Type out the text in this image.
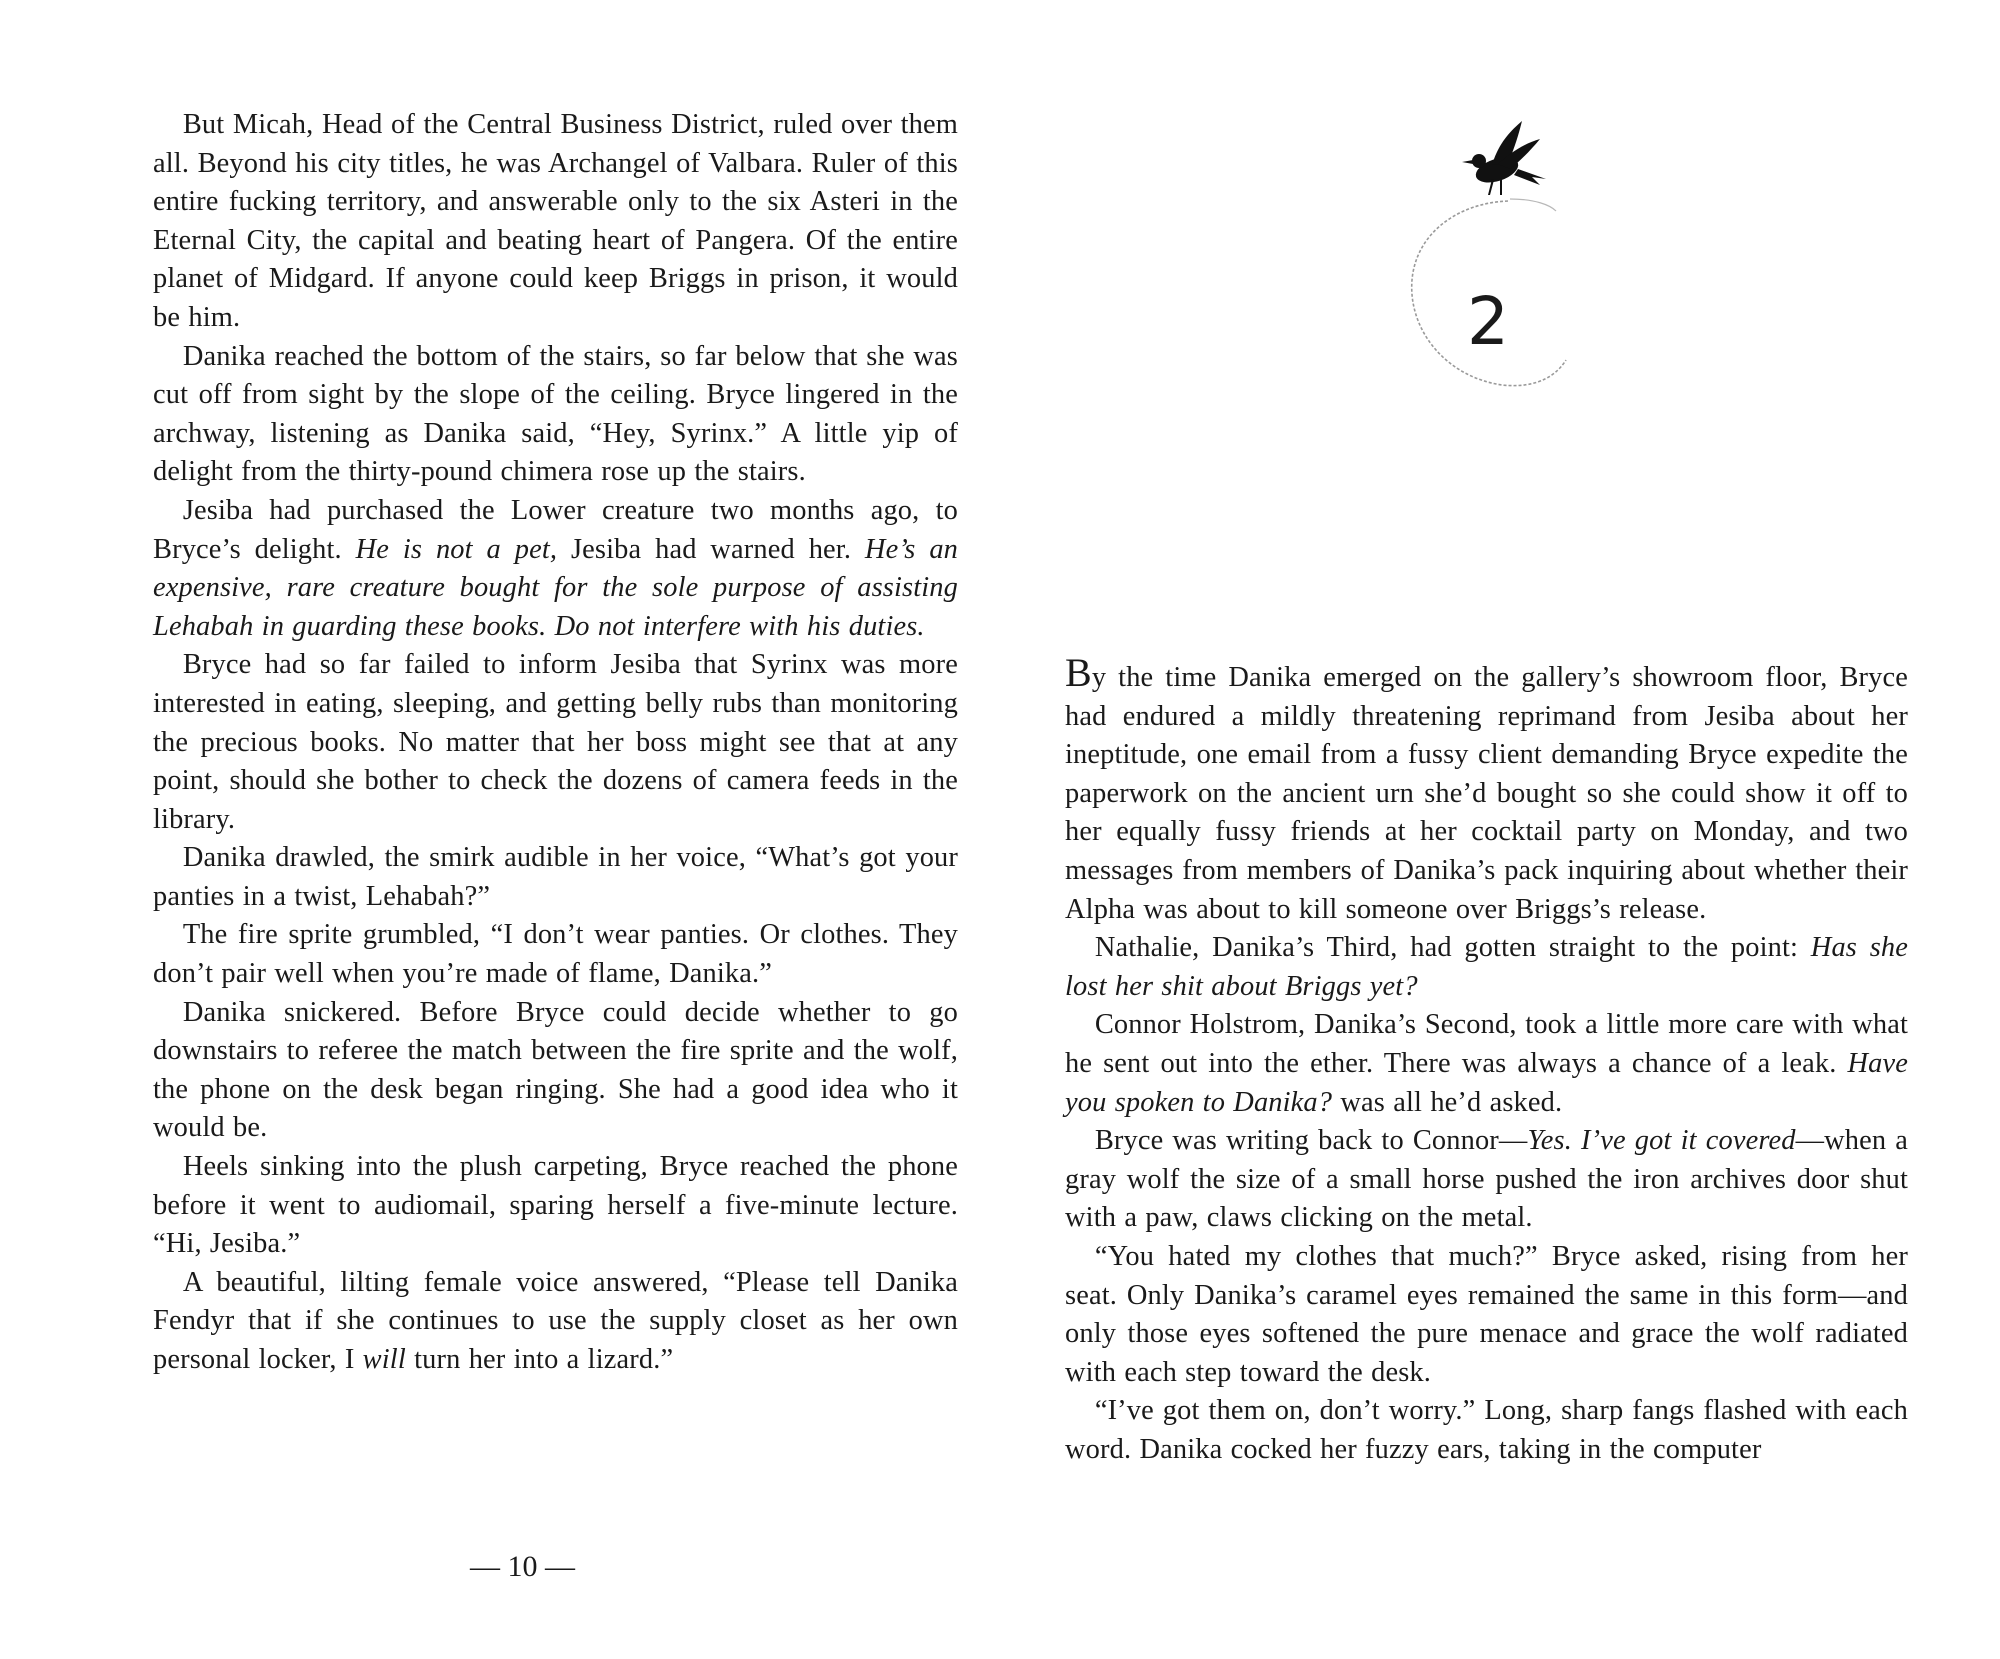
But Micah, Head of the Central Business District, ruled over them all. Beyond his city titles, he was Archangel of Valbara. Ruler of this entire fucking territory, and answerable only to the six Asteri in the Eternal City, the capital and beating heart of Pangera. Of the entire planet of Midgard. If anyone could keep Briggs in prison, it would be him.

Danika reached the bottom of the stairs, so far below that she was cut off from sight by the slope of the ceiling. Bryce lingered in the archway, listening as Danika said, “Hey, Syrinx.” A little yip of delight from the thirty-pound chimera rose up the stairs.

Jesiba had purchased the Lower creature two months ago, to Bryce’s delight. He is not a pet, Jesiba had warned her. He’s an expensive, rare creature bought for the sole purpose of assisting Lehabah in guarding these books. Do not interfere with his duties.

Bryce had so far failed to inform Jesiba that Syrinx was more interested in eating, sleeping, and getting belly rubs than monitoring the precious books. No matter that her boss might see that at any point, should she bother to check the dozens of camera feeds in the library.

Danika drawled, the smirk audible in her voice, “What’s got your panties in a twist, Lehabah?”

The fire sprite grumbled, “I don’t wear panties. Or clothes. They don’t pair well when you’re made of flame, Danika.”

Danika snickered. Before Bryce could decide whether to go downstairs to referee the match between the fire sprite and the wolf, the phone on the desk began ringing. She had a good idea who it would be.

Heels sinking into the plush carpeting, Bryce reached the phone before it went to audiomail, sparing herself a five-minute lecture. “Hi, Jesiba.”

A beautiful, lilting female voice answered, “Please tell Danika Fendyr that if she continues to use the supply closet as her own personal locker, I will turn her into a lizard.”

— 10 —
2

By the time Danika emerged on the gallery’s showroom floor, Bryce had endured a mildly threatening reprimand from Jesiba about her ineptitude, one email from a fussy client demanding Bryce expedite the paperwork on the ancient urn she’d bought so she could show it off to her equally fussy friends at her cocktail party on Monday, and two messages from members of Danika’s pack inquiring about whether their Alpha was about to kill someone over Briggs’s release.

Nathalie, Danika’s Third, had gotten straight to the point: Has she lost her shit about Briggs yet?

Connor Holstrom, Danika’s Second, took a little more care with what he sent out into the ether. There was always a chance of a leak. Have you spoken to Danika? was all he’d asked.

Bryce was writing back to Connor—Yes. I’ve got it covered—when a gray wolf the size of a small horse pushed the iron archives door shut with a paw, claws clicking on the metal.

“You hated my clothes that much?” Bryce asked, rising from her seat. Only Danika’s caramel eyes remained the same in this form—and only those eyes softened the pure menace and grace the wolf radiated with each step toward the desk.

“I’ve got them on, don’t worry.” Long, sharp fangs flashed with each word. Danika cocked her fuzzy ears, taking in the computer
